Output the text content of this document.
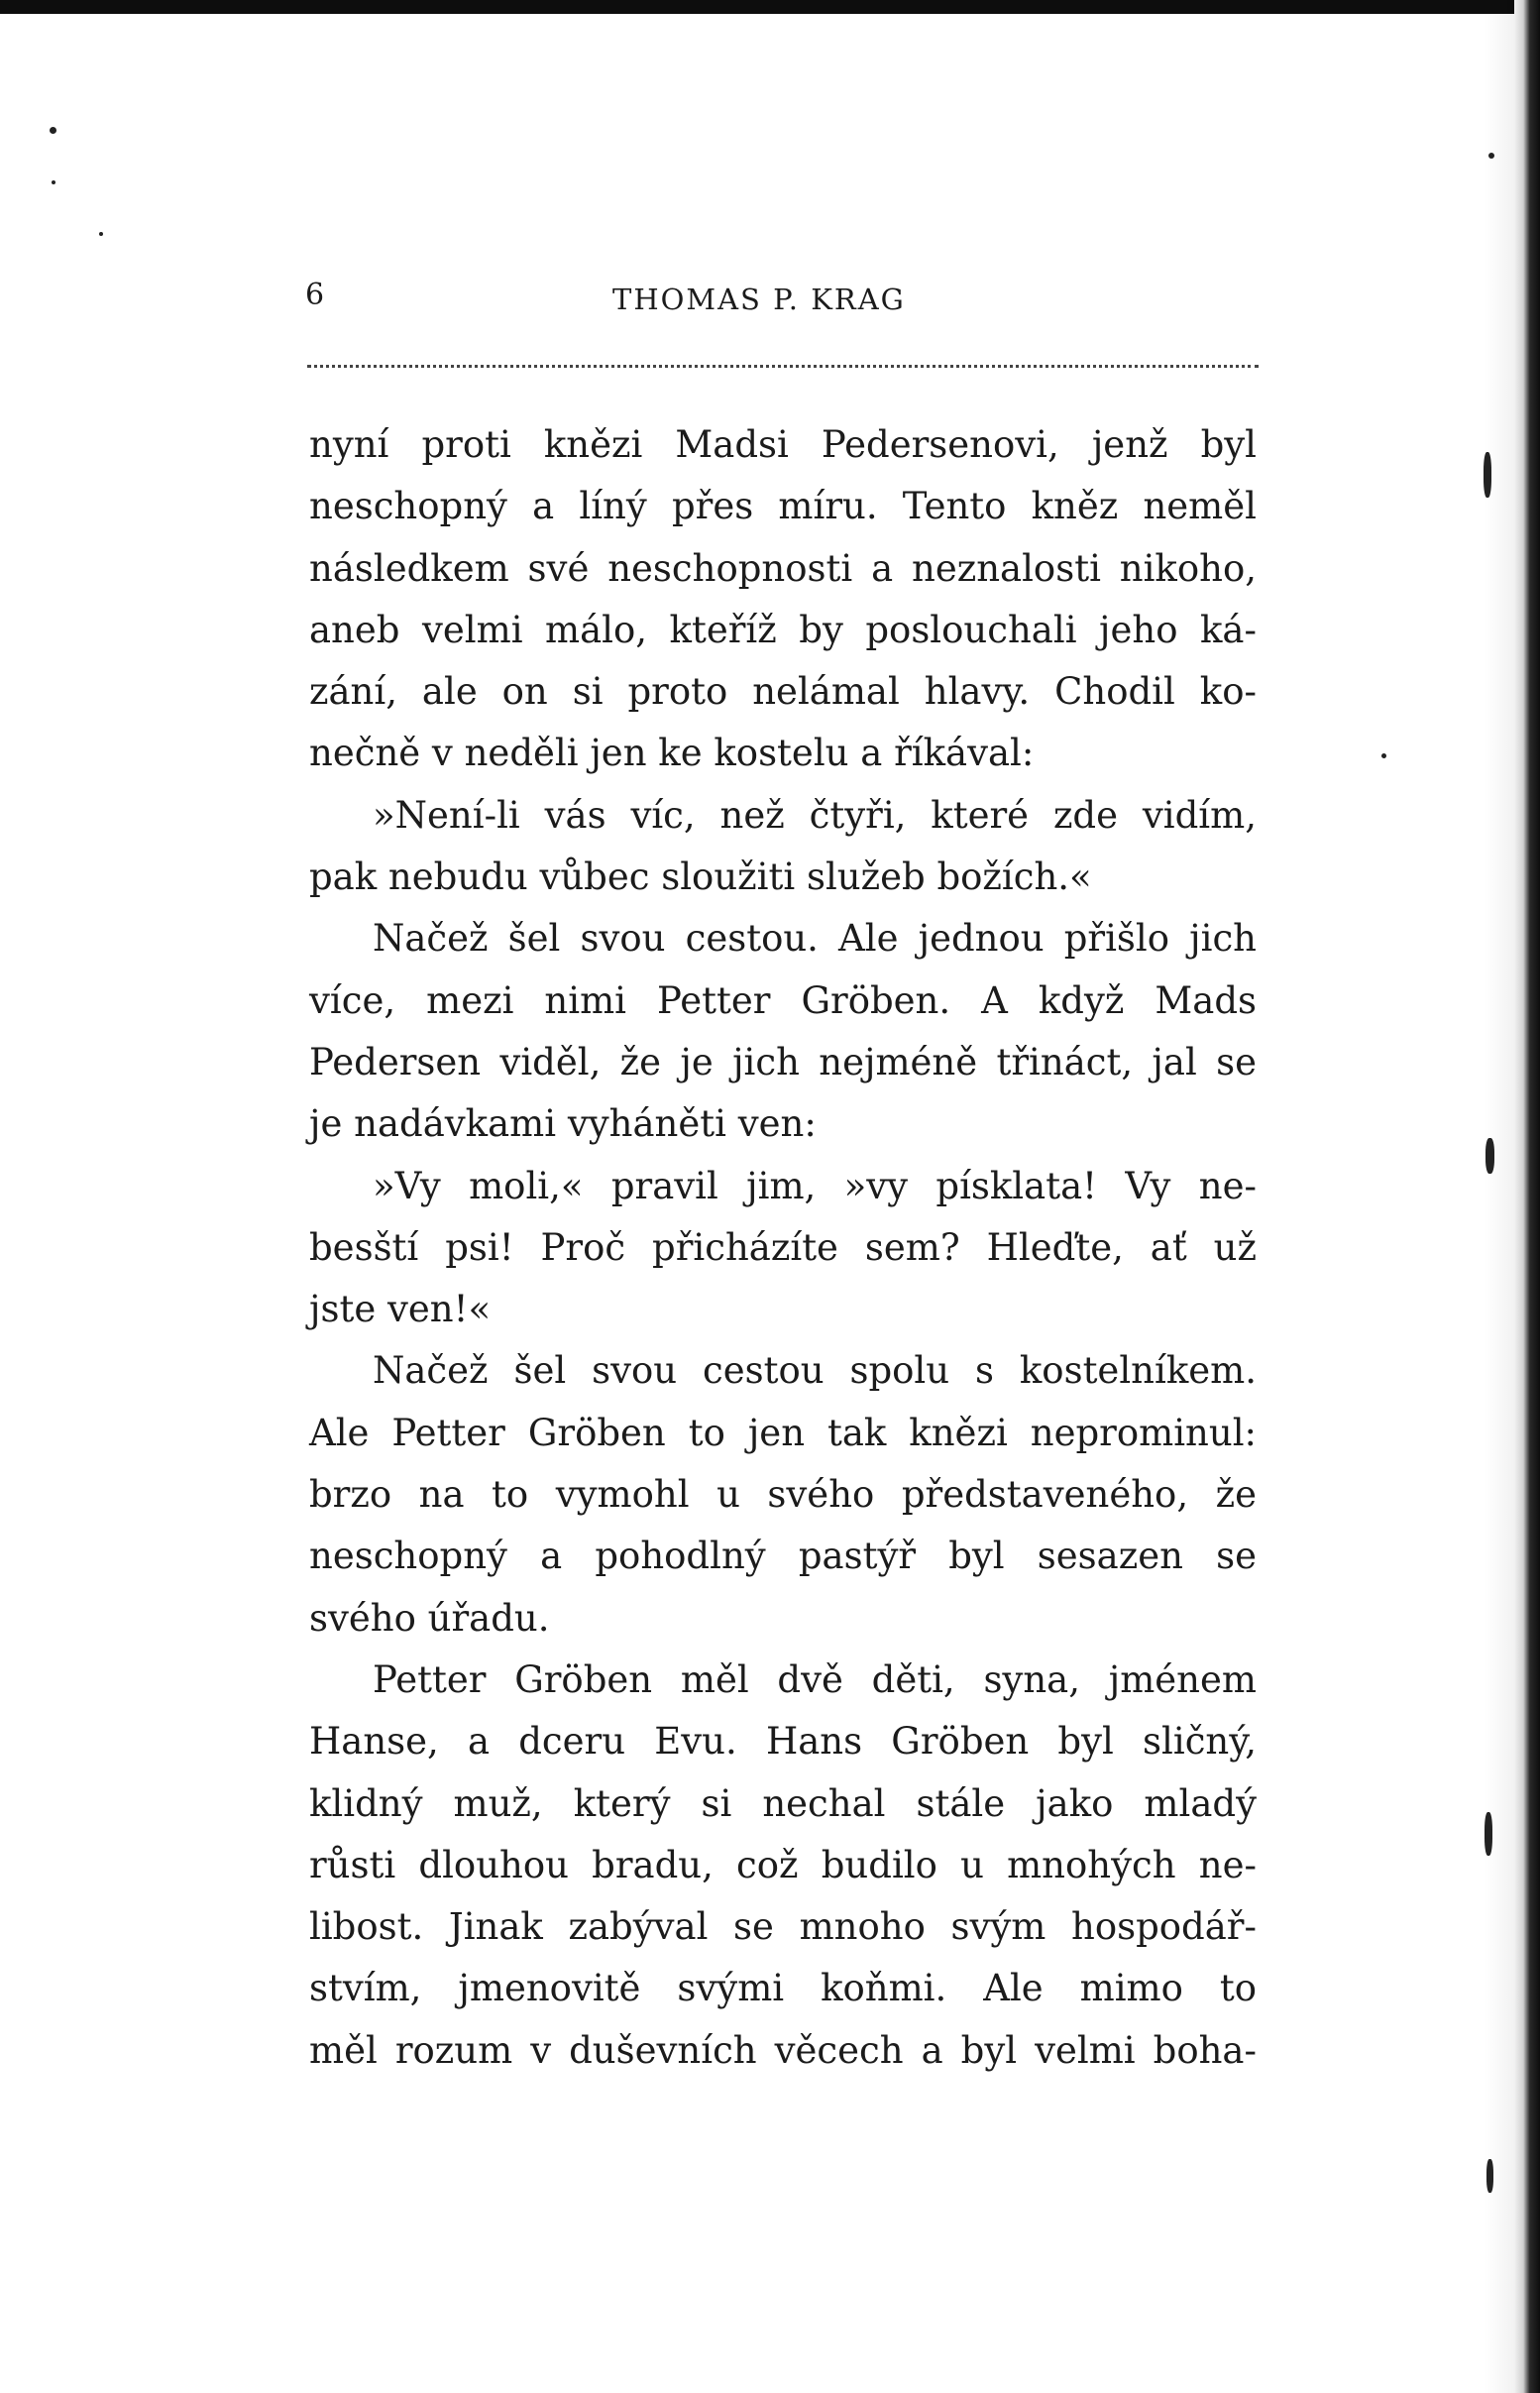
6	THOMAS P. KRAG
nyní proti knězi Madsi Pedersenovi, jenž byl
neschopný a líný přes míru. Tento kněz neměl
následkem své neschopnosti a neznalosti nikoho,
aneb velmi málo, kteříž by poslouchali jeho ká-
zání, ale on si proto nelámal hlavy. Chodil ko-
nečně v neděli jen ke kostelu a říkával:
»Není-li vás víc, než čtyři, které zde vidím,
pak nebudu vůbec sloužiti služeb božích.«
Načež šel svou cestou. Ale jednou přišlo jich
více, mezi nimi Petter Gröben. A když Mads
Pedersen viděl, že je jich nejméně třináct, jal se
je nadávkami vyháněti ven:
»Vy moli,« pravil jim, »vy písklata! Vy ne-
besští psi! Proč přicházíte sem? Hleďte, ať už
jste ven!«
Načež šel svou cestou spolu s kostelníkem.
Ale Petter Gröben to jen tak knězi neprominul:
brzo na to vymohl u svého představeného, že
neschopný a pohodlný pastýř byl sesazen se
svého úřadu.
Petter Gröben měl dvě děti, syna, jménem
Hanse, a dceru Evu. Hans Gröben byl sličný,
klidný muž, který si nechal stále jako mladý
růsti dlouhou bradu, což budilo u mnohých ne-
libost. Jinak zabýval se mnoho svým hospodář-
stvím, jmenovitě svými koňmi. Ale mimo to
měl rozum v duševních věcech a byl velmi boha-
